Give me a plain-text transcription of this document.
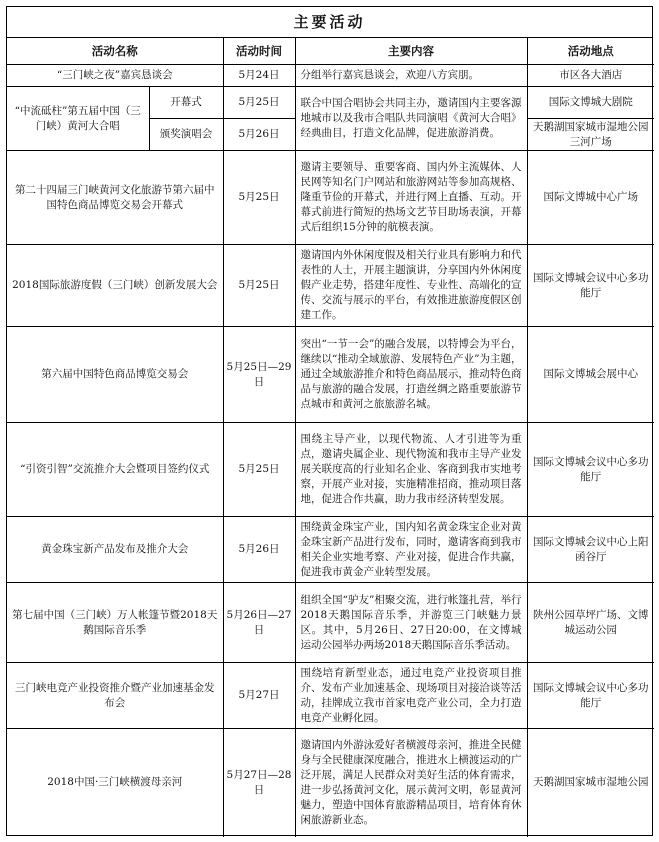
主要活动
活动名称		活动时间	主要内容	活动地点
“三门峡之夜”嘉宾恳谈会		5月24日	分组举行嘉宾恳谈会，欢迎八方宾朋。	市区各大酒店
“中流砥柱”第五届中国（三门峡）黄河大合唱	开幕式	5月25日	联合中国合唱协会共同主办，邀请国内主要客源地城市以及我市合唱队共同演唱《黄河大合唱》经典曲目，打造文化品牌，促进旅游消费。	国际文博城大剧院
	颁奖演唱会	5月26日		天鹅湖国家城市湿地公园三河广场
第二十四届三门峡黄河文化旅游节第六届中国特色商品博览交易会开幕式		5月25日	邀请主要领导、重要客商、国内外主流媒体、人民网等知名门户网站和旅游网站等参加高规格、隆重节俭的开幕式，并进行网上直播、互动。开幕式前进行简短的热场文艺节目助场表演，开幕式后组织15分钟的航模表演。	国际文博城中心广场
2018国际旅游度假（三门峡）创新发展大会		5月25日	邀请国内外休闲度假及相关行业具有影响力和代表性的人士，开展主题演讲，分享国内外休闲度假产业走势，搭建年度性、专业性、高端化的宣传、交流与展示的平台，有效推进旅游度假区创建工作。	国际文博城会议中心多功能厅
第六届中国特色商品博览交易会		5月25日—29日	突出“一节一会”的融合发展，以特博会为平台，继续以“推动全域旅游、发展特色产业”为主题，通过全域旅游推介和特色商品展示，推动特色商品与旅游的融合发展，打造丝绸之路重要旅游节点城市和黄河之旅旅游名城。	国际文博城会展中心
“引资引智”交流推介大会暨项目签约仪式		5月25日	围绕主导产业，以现代物流、人才引进等为重点，邀请央属企业、现代物流和我市主导产业发展关联度高的行业知名企业、客商到我市实地考察，开展产业对接，实施精准招商，推动项目落地，促进合作共赢，助力我市经济转型发展。	国际文博城会议中心多功能厅
黄金珠宝新产品发布及推介大会		5月26日	围绕黄金珠宝产业，国内知名黄金珠宝企业对黄金珠宝新产品进行发布，同时，邀请客商到我市相关企业实地考察、产业对接，促进合作共赢，促进我市黄金产业转型发展。	国际文博城会议中心上阳函谷厅
第七届中国（三门峡）万人帐篷节暨2018天鹅国际音乐季		5月26日—27日	组织全国“驴友”相聚交流，进行帐篷扎营，举行2018天鹅国际音乐季，并游览三门峡魅力景区。其中，5月26日、27日20:00，在文博城运动公园举办两场2018天鹅国际音乐季活动。	陕州公园草坪广场、文博城运动公园
三门峡电竞产业投资推介暨产业加速基金发布会		5月27日	围绕培育新型业态，通过电竞产业投资项目推介、发布产业加速基金、现场项目对接洽谈等活动，挂牌成立我市首家电竞产业公司，全力打造电竞产业孵化园。	国际文博城会议中心多功能厅
2018中国·三门峡横渡母亲河		5月27日—28日	邀请国内外游泳爱好者横渡母亲河，推进全民健身与全民健康深度融合，推进水上横渡运动的广泛开展，满足人民群众对美好生活的体育需求，进一步弘扬黄河文化，展示黄河文明，彰显黄河魅力，塑造中国体育旅游精品项目，培育体育休闲旅游新业态。	天鹅湖国家城市湿地公园
